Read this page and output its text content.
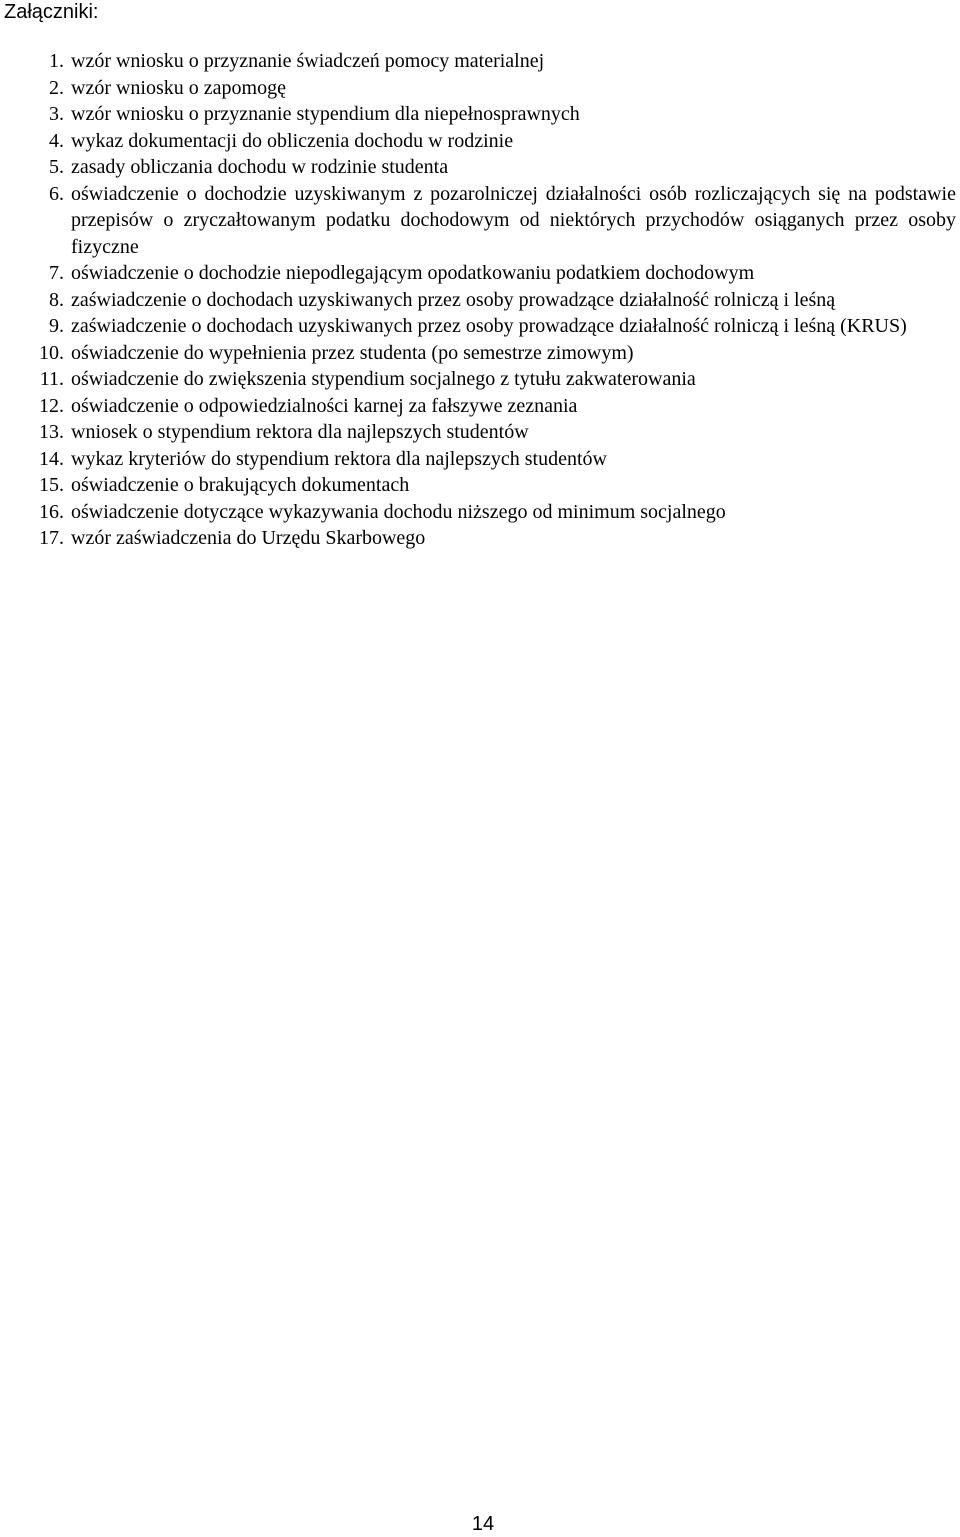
Załączniki:
1. wzór wniosku o przyznanie świadczeń pomocy materialnej
2. wzór wniosku o zapomogę
3. wzór wniosku o przyznanie stypendium dla niepełnosprawnych
4. wykaz dokumentacji do obliczenia dochodu w rodzinie
5. zasady obliczania dochodu w rodzinie studenta
6. oświadczenie o dochodzie uzyskiwanym z pozarolniczej działalności osób rozliczających się na podstawie przepisów o zryczałtowanym podatku dochodowym od niektórych przychodów osiąganych przez osoby fizyczne
7. oświadczenie o dochodzie niepodlegającym opodatkowaniu podatkiem dochodowym
8. zaświadczenie o dochodach uzyskiwanych przez osoby prowadzące działalność rolniczą i leśną
9. zaświadczenie o dochodach uzyskiwanych przez osoby prowadzące działalność rolniczą i leśną (KRUS)
10. oświadczenie do wypełnienia przez studenta (po semestrze zimowym)
11. oświadczenie do zwiększenia stypendium socjalnego z tytułu zakwaterowania
12. oświadczenie o odpowiedzialności karnej za fałszywe zeznania
13. wniosek o stypendium rektora dla najlepszych studentów
14. wykaz kryteriów do stypendium rektora dla najlepszych studentów
15. oświadczenie o brakujących dokumentach
16. oświadczenie dotyczące wykazywania dochodu niższego od minimum socjalnego
17. wzór zaświadczenia do Urzędu Skarbowego
14
